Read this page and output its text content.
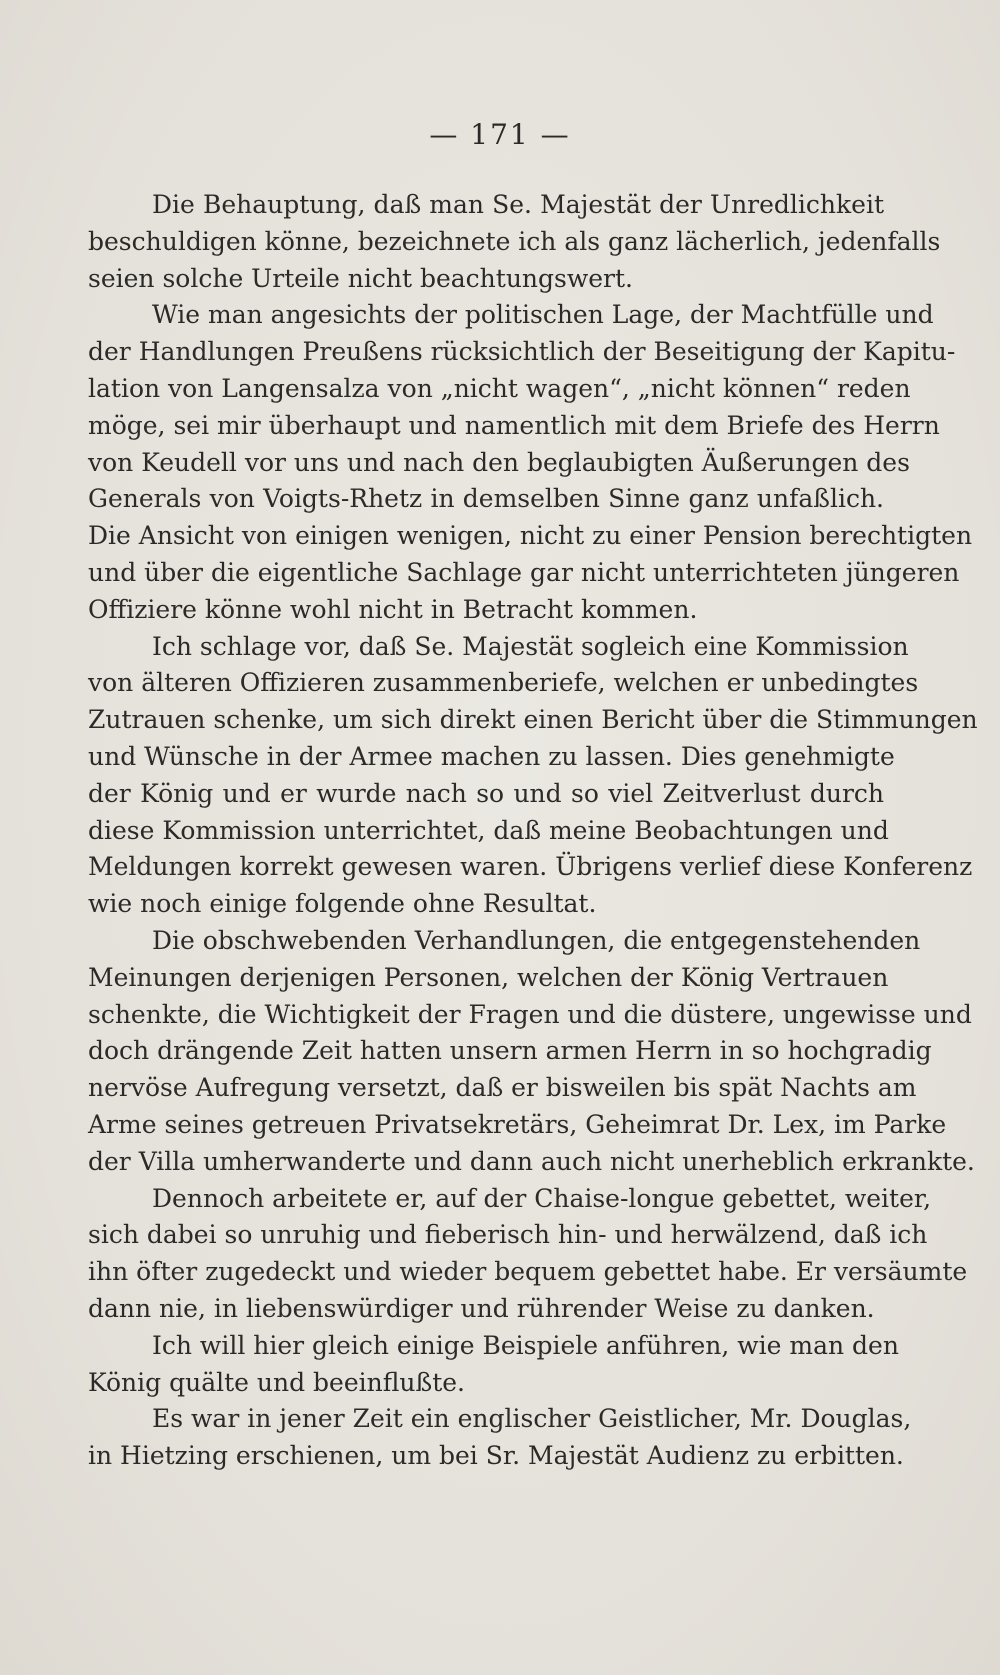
— 171 —
Die Behauptung, daß man Se. Majestät der Unredlichkeit
beschuldigen könne, bezeichnete ich als ganz lächerlich, jedenfalls
seien solche Urteile nicht beachtungswert.
Wie man angesichts der politischen Lage, der Machtfülle und
der Handlungen Preußens rücksichtlich der Beseitigung der Kapitu-
lation von Langensalza von „nicht wagen“, „nicht können“ reden
möge, sei mir überhaupt und namentlich mit dem Briefe des Herrn
von Keudell vor uns und nach den beglaubigten Äußerungen des
Generals von Voigts-Rhetz in demselben Sinne ganz unfaßlich.
Die Ansicht von einigen wenigen, nicht zu einer Pension berechtigten
und über die eigentliche Sachlage gar nicht unterrichteten jüngeren
Offiziere könne wohl nicht in Betracht kommen.
Ich schlage vor, daß Se. Majestät sogleich eine Kommission
von älteren Offizieren zusammenberiefe, welchen er unbedingtes
Zutrauen schenke, um sich direkt einen Bericht über die Stimmungen
und Wünsche in der Armee machen zu lassen. Dies genehmigte
der König und er wurde nach so und so viel Zeitverlust durch
diese Kommission unterrichtet, daß meine Beobachtungen und
Meldungen korrekt gewesen waren. Übrigens verlief diese Konferenz
wie noch einige folgende ohne Resultat.
Die obschwebenden Verhandlungen, die entgegenstehenden
Meinungen derjenigen Personen, welchen der König Vertrauen
schenkte, die Wichtigkeit der Fragen und die düstere, ungewisse und
doch drängende Zeit hatten unsern armen Herrn in so hochgradig
nervöse Aufregung versetzt, daß er bisweilen bis spät Nachts am
Arme seines getreuen Privatsekretärs, Geheimrat Dr. Lex, im Parke
der Villa umherwanderte und dann auch nicht unerheblich erkrankte.
Dennoch arbeitete er, auf der Chaise-longue gebettet, weiter,
sich dabei so unruhig und fieberisch hin- und herwälzend, daß ich
ihn öfter zugedeckt und wieder bequem gebettet habe. Er versäumte
dann nie, in liebenswürdiger und rührender Weise zu danken.
Ich will hier gleich einige Beispiele anführen, wie man den
König quälte und beeinflußte.
Es war in jener Zeit ein englischer Geistlicher, Mr. Douglas,
in Hietzing erschienen, um bei Sr. Majestät Audienz zu erbitten.
